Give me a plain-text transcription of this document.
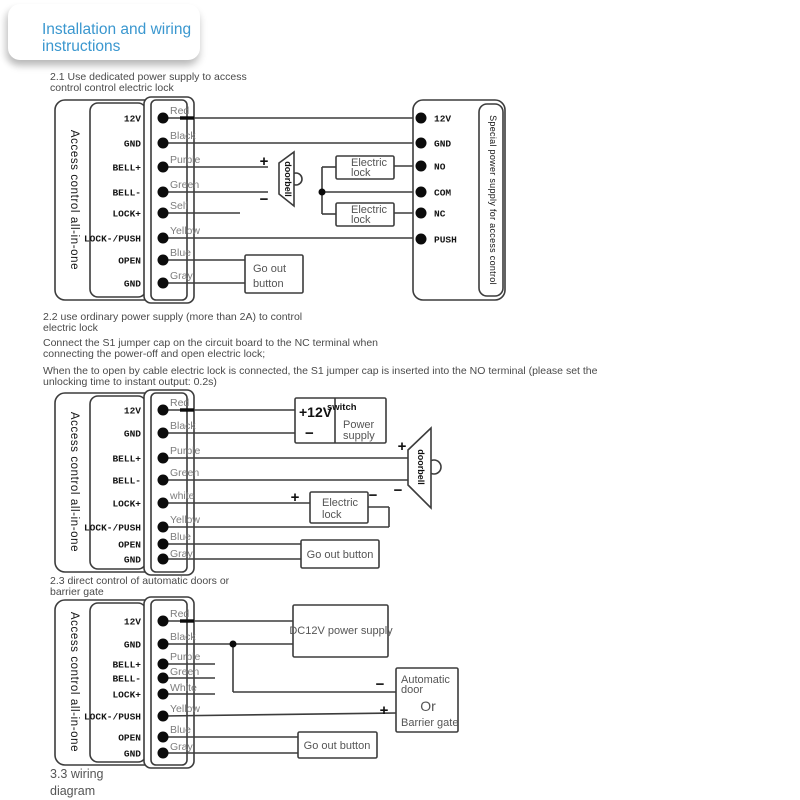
Installation and wiring
instructions
2.1 Use dedicated power supply to access
control control electric lock
2.2 use ordinary power supply (more than 2A) to control
electric lock
Connect the S1 jumper cap on the circuit board to the NC terminal when
connecting the power-off and open electric lock;
When the to open by cable electric lock is connected, the S1 jumper cap is inserted into the NO terminal (please set the
unlocking time to instant output: 0.2s)
2.3 direct control of automatic doors or
barrier gate
3.3 wiring
diagram
Access control all-in-one
12V
GND
BELL+
BELL-
LOCK+
LOCK-/PUSH
OPEN
GND
Red
Black
Purple
Green
Self
Yellow
Blue
Gray
+
−
doorbell	Electric
lock
Electric
lock
Go out
button
12V
GND
NO
COM
NC
PUSH	Special power supply for access control
Access control all-in-one
12V
GND
BELL+
BELL-
LOCK+
LOCK-/PUSH
OPEN
GND
Red
Black
Purple
Green
white
Yellow
Blue
Gray
+12V
−
switch
Power
supply
+
−
doorbell
+	−
Electric
lock
Go out button
Access control all-in-one	12V
GND
BELL+
BELL-
LOCK+
LOCK-/PUSH
OPEN
GND
Red
Black
Purple
Green
White
Yellow
Blue
Gray
DC12V power supply
−
+
Automatic
door
Or
Barrier gate
Go out button
